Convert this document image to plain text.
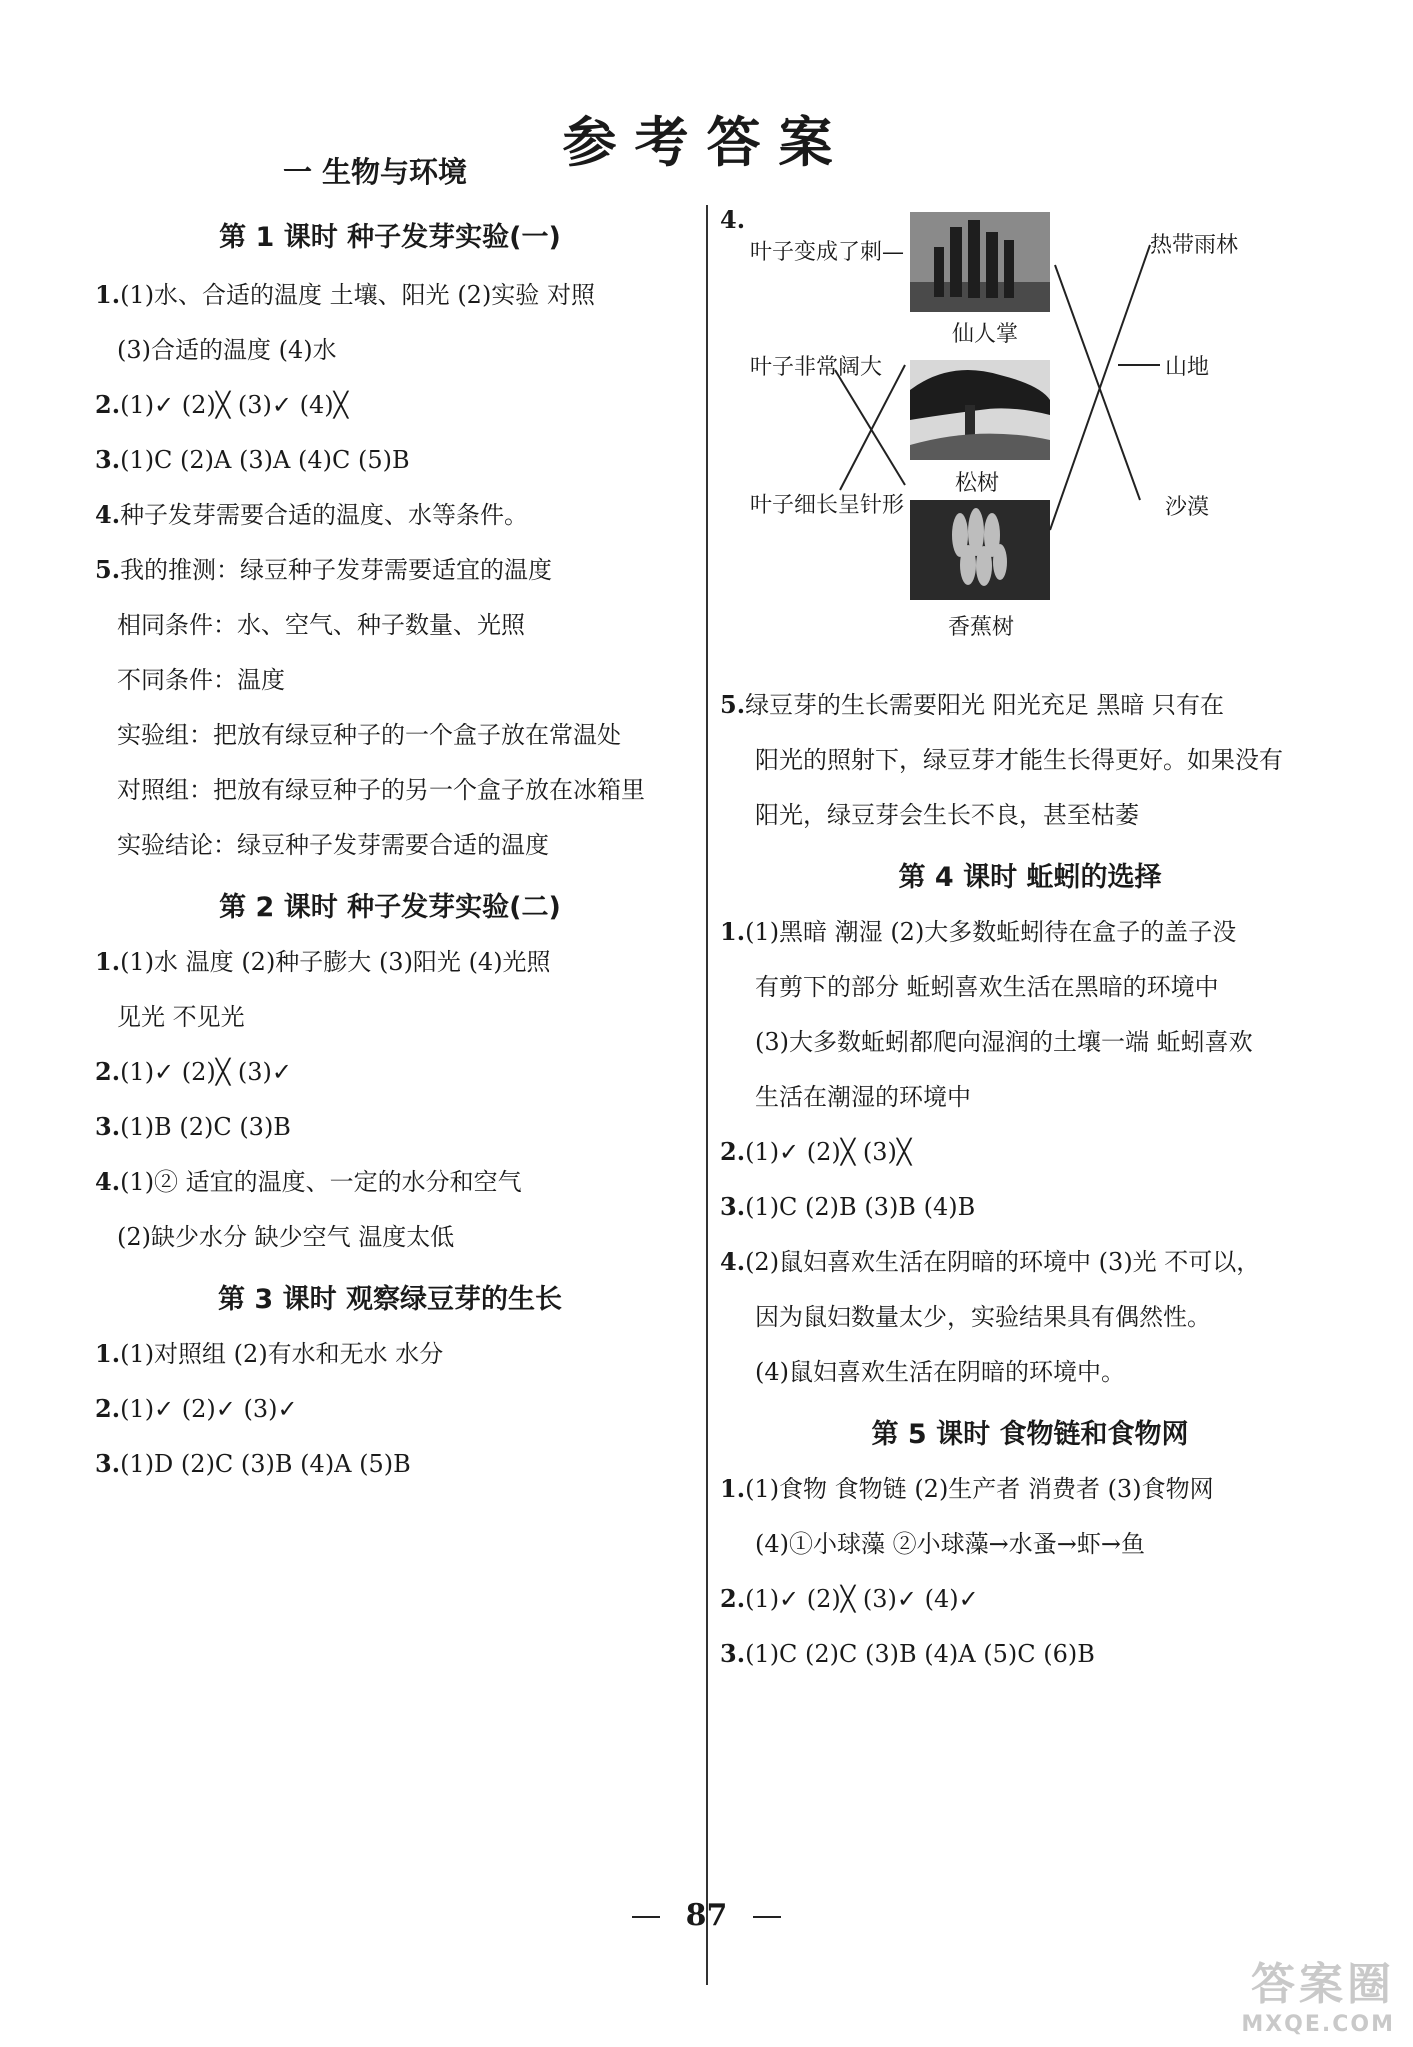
参考答案
一 生物与环境
第 1 课时 种子发芽实验(一)
1.(1)水、合适的温度 土壤、阳光 (2)实验 对照
(3)合适的温度 (4)水
2.(1)✓ (2)╳ (3)✓ (4)╳
3.(1)C (2)A (3)A (4)C (5)B
4.种子发芽需要合适的温度、水等条件。
5.我的推测：绿豆种子发芽需要适宜的温度
相同条件：水、空气、种子数量、光照
不同条件：温度
实验组：把放有绿豆种子的一个盒子放在常温处
对照组：把放有绿豆种子的另一个盒子放在冰箱里
实验结论：绿豆种子发芽需要合适的温度
第 2 课时 种子发芽实验(二)
1.(1)水 温度 (2)种子膨大 (3)阳光 (4)光照
见光 不见光
2.(1)✓ (2)╳ (3)✓
3.(1)B (2)C (3)B
4.(1)② 适宜的温度、一定的水分和空气
(2)缺少水分 缺少空气 温度太低
第 3 课时 观察绿豆芽的生长
1.(1)对照组 (2)有水和无水 水分
2.(1)✓ (2)✓ (3)✓
3.(1)D (2)C (3)B (4)A (5)B
4.
叶子变成了刺—
叶子非常阔大
叶子细长呈针形
仙人掌
松树
香蕉树
热带雨林
山地
沙漠
5.绿豆芽的生长需要阳光 阳光充足 黑暗 只有在
阳光的照射下，绿豆芽才能生长得更好。如果没有
阳光，绿豆芽会生长不良，甚至枯萎
第 4 课时 蚯蚓的选择
1.(1)黑暗 潮湿 (2)大多数蚯蚓待在盒子的盖子没
有剪下的部分 蚯蚓喜欢生活在黑暗的环境中
(3)大多数蚯蚓都爬向湿润的土壤一端 蚯蚓喜欢
生活在潮湿的环境中
2.(1)✓ (2)╳ (3)╳
3.(1)C (2)B (3)B (4)B
4.(2)鼠妇喜欢生活在阴暗的环境中 (3)光 不可以，
因为鼠妇数量太少，实验结果具有偶然性。
(4)鼠妇喜欢生活在阴暗的环境中。
第 5 课时 食物链和食物网
1.(1)食物 食物链 (2)生产者 消费者 (3)食物网
(4)①小球藻 ②小球藻→水蚤→虾→鱼
2.(1)✓ (2)╳ (3)✓ (4)✓
3.(1)C (2)C (3)B (4)A (5)C (6)B
87
答案圈
MXQE.COM
